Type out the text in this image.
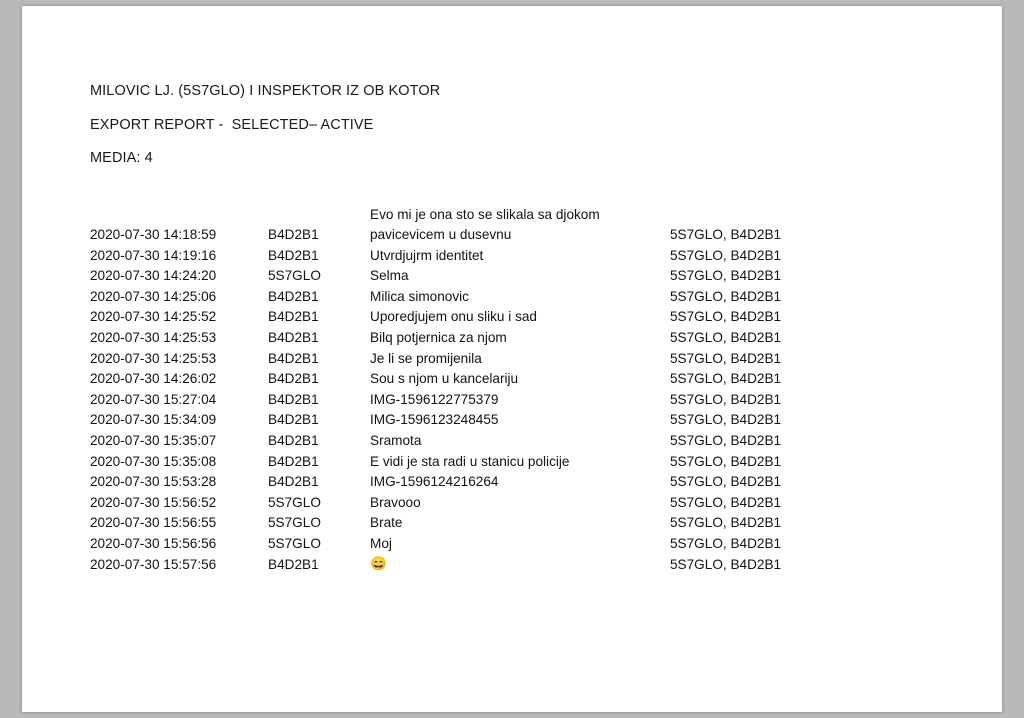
MILOVIC LJ. (5S7GLO) I INSPEKTOR IZ OB KOTOR
EXPORT REPORT -  SELECTED– ACTIVE
MEDIA: 4
		Evo mi je ona sto se slikala sa djokom	
2020-07-30 14:18:59	B4D2B1	pavicevicem u dusevnu	5S7GLO, B4D2B1
2020-07-30 14:19:16	B4D2B1	Utvrdjujrm identitet	5S7GLO, B4D2B1
2020-07-30 14:24:20	5S7GLO	Selma	5S7GLO, B4D2B1
2020-07-30 14:25:06	B4D2B1	Milica simonovic	5S7GLO, B4D2B1
2020-07-30 14:25:52	B4D2B1	Uporedjujem onu sliku i sad	5S7GLO, B4D2B1
2020-07-30 14:25:53	B4D2B1	Bilq potjernica za njom	5S7GLO, B4D2B1
2020-07-30 14:25:53	B4D2B1	Je li se promijenila	5S7GLO, B4D2B1
2020-07-30 14:26:02	B4D2B1	Sou s njom u kancelariju	5S7GLO, B4D2B1
2020-07-30 15:27:04	B4D2B1	IMG-1596122775379	5S7GLO, B4D2B1
2020-07-30 15:34:09	B4D2B1	IMG-1596123248455	5S7GLO, B4D2B1
2020-07-30 15:35:07	B4D2B1	Sramota	5S7GLO, B4D2B1
2020-07-30 15:35:08	B4D2B1	E vidi je sta radi u stanicu policije	5S7GLO, B4D2B1
2020-07-30 15:53:28	B4D2B1	IMG-1596124216264	5S7GLO, B4D2B1
2020-07-30 15:56:52	5S7GLO	Bravooo	5S7GLO, B4D2B1
2020-07-30 15:56:55	5S7GLO	Brate	5S7GLO, B4D2B1
2020-07-30 15:56:56	5S7GLO	Moj	5S7GLO, B4D2B1
2020-07-30 15:57:56	B4D2B1	😄	5S7GLO, B4D2B1
